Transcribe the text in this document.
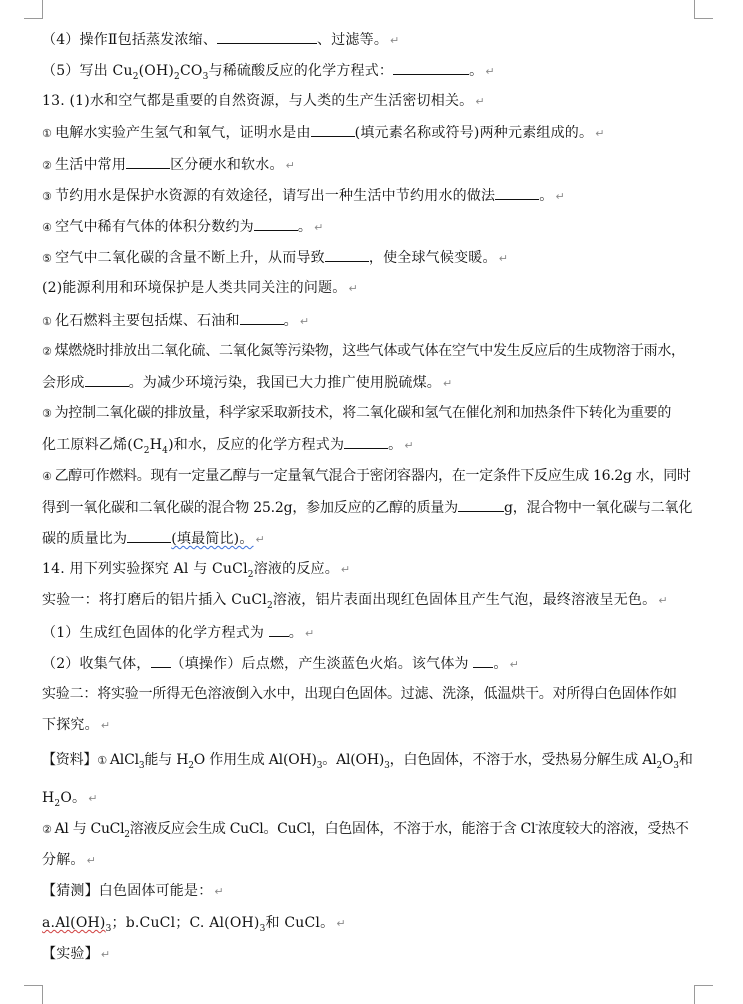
（4）操作Ⅱ包括蒸发浓缩、	、过滤等。 ↵
（5）写出 $Cu_2(OH)_2CO_3$与稀硫酸反应的化学方程式：	。 ↵
13. (1)水和空气都是重要的自然资源，与人类的生产生活密切相关。 ↵
① 电解水实验产生氢气和氧气，证明水是由	(填元素名称或符号)两种元素组成的。 ↵
② 生活中常用	区分硬水和软水。 ↵
③ 节约用水是保护水资源的有效途径，请写出一种生活中节约用水的做法	。 ↵
④ 空气中稀有气体的体积分数约为	。 ↵
⑤ 空气中二氧化碳的含量不断上升，从而导致	，使全球气候变暖。 ↵
(2)能源利用和环境保护是人类共同关注的问题。 ↵
① 化石燃料主要包括煤、石油和	。 ↵
② 煤燃烧时排放出二氧化硫、二氧化氮等污染物，这些气体或气体在空气中发生反应后的生成物溶于雨水，
会形成	。为减少环境污染，我国已大力推广使用脱硫煤。 ↵
③ 为控制二氧化碳的排放量，科学家采取新技术，将二氧化碳和氢气在催化剂和加热条件下转化为重要的
化工原料乙烯$(C_2H_4)$和水，反应的化学方程式为	。 ↵
④ 乙醇可作燃料。现有一定量乙醇与一定量氧气混合于密闭容器内，在一定条件下反应生成 16.2g 水，同时
得到一氧化碳和二氧化碳的混合物 25.2g，参加反应的乙醇的质量为	g，混合物中一氧化碳与二氧化
碳的质量比为	(填最简比)。 ↵
14. 用下列实验探究 Al 与 CuCl$_2$溶液的反应。 ↵
实验一：将打磨后的铝片插入 CuCl$_2$溶液，铝片表面出现红色固体且产生气泡，最终溶液呈无色。 ↵
（1）生成红色固体的化学方程式为 。 ↵
（2）收集气体， （填操作）后点燃，产生淡蓝色火焰。该气体为 。 ↵
实验二：将实验一所得无色溶液倒入水中，出现白色固体。过滤、洗涤，低温烘干。对所得白色固体作如
下探究。 ↵
【资料】① AlCl$_3$能与 $H_2O$ 作用生成 $Al(OH)_3$。$Al(OH)_3$，白色固体，不溶于水，受热易分解生成 $Al_2O_3$和
$H_2O$。 ↵
② Al 与 CuCl$_2$溶液反应会生成 CuCl。CuCl，白色固体，不溶于水，能溶于含 Cl-浓度较大的溶液，受热不
分解。 ↵
【猜测】白色固体可能是： ↵
$a.Al(OH)_3$；b.CuCl；C. $Al(OH)_3$和 CuCl。 ↵
【实验】 ↵
